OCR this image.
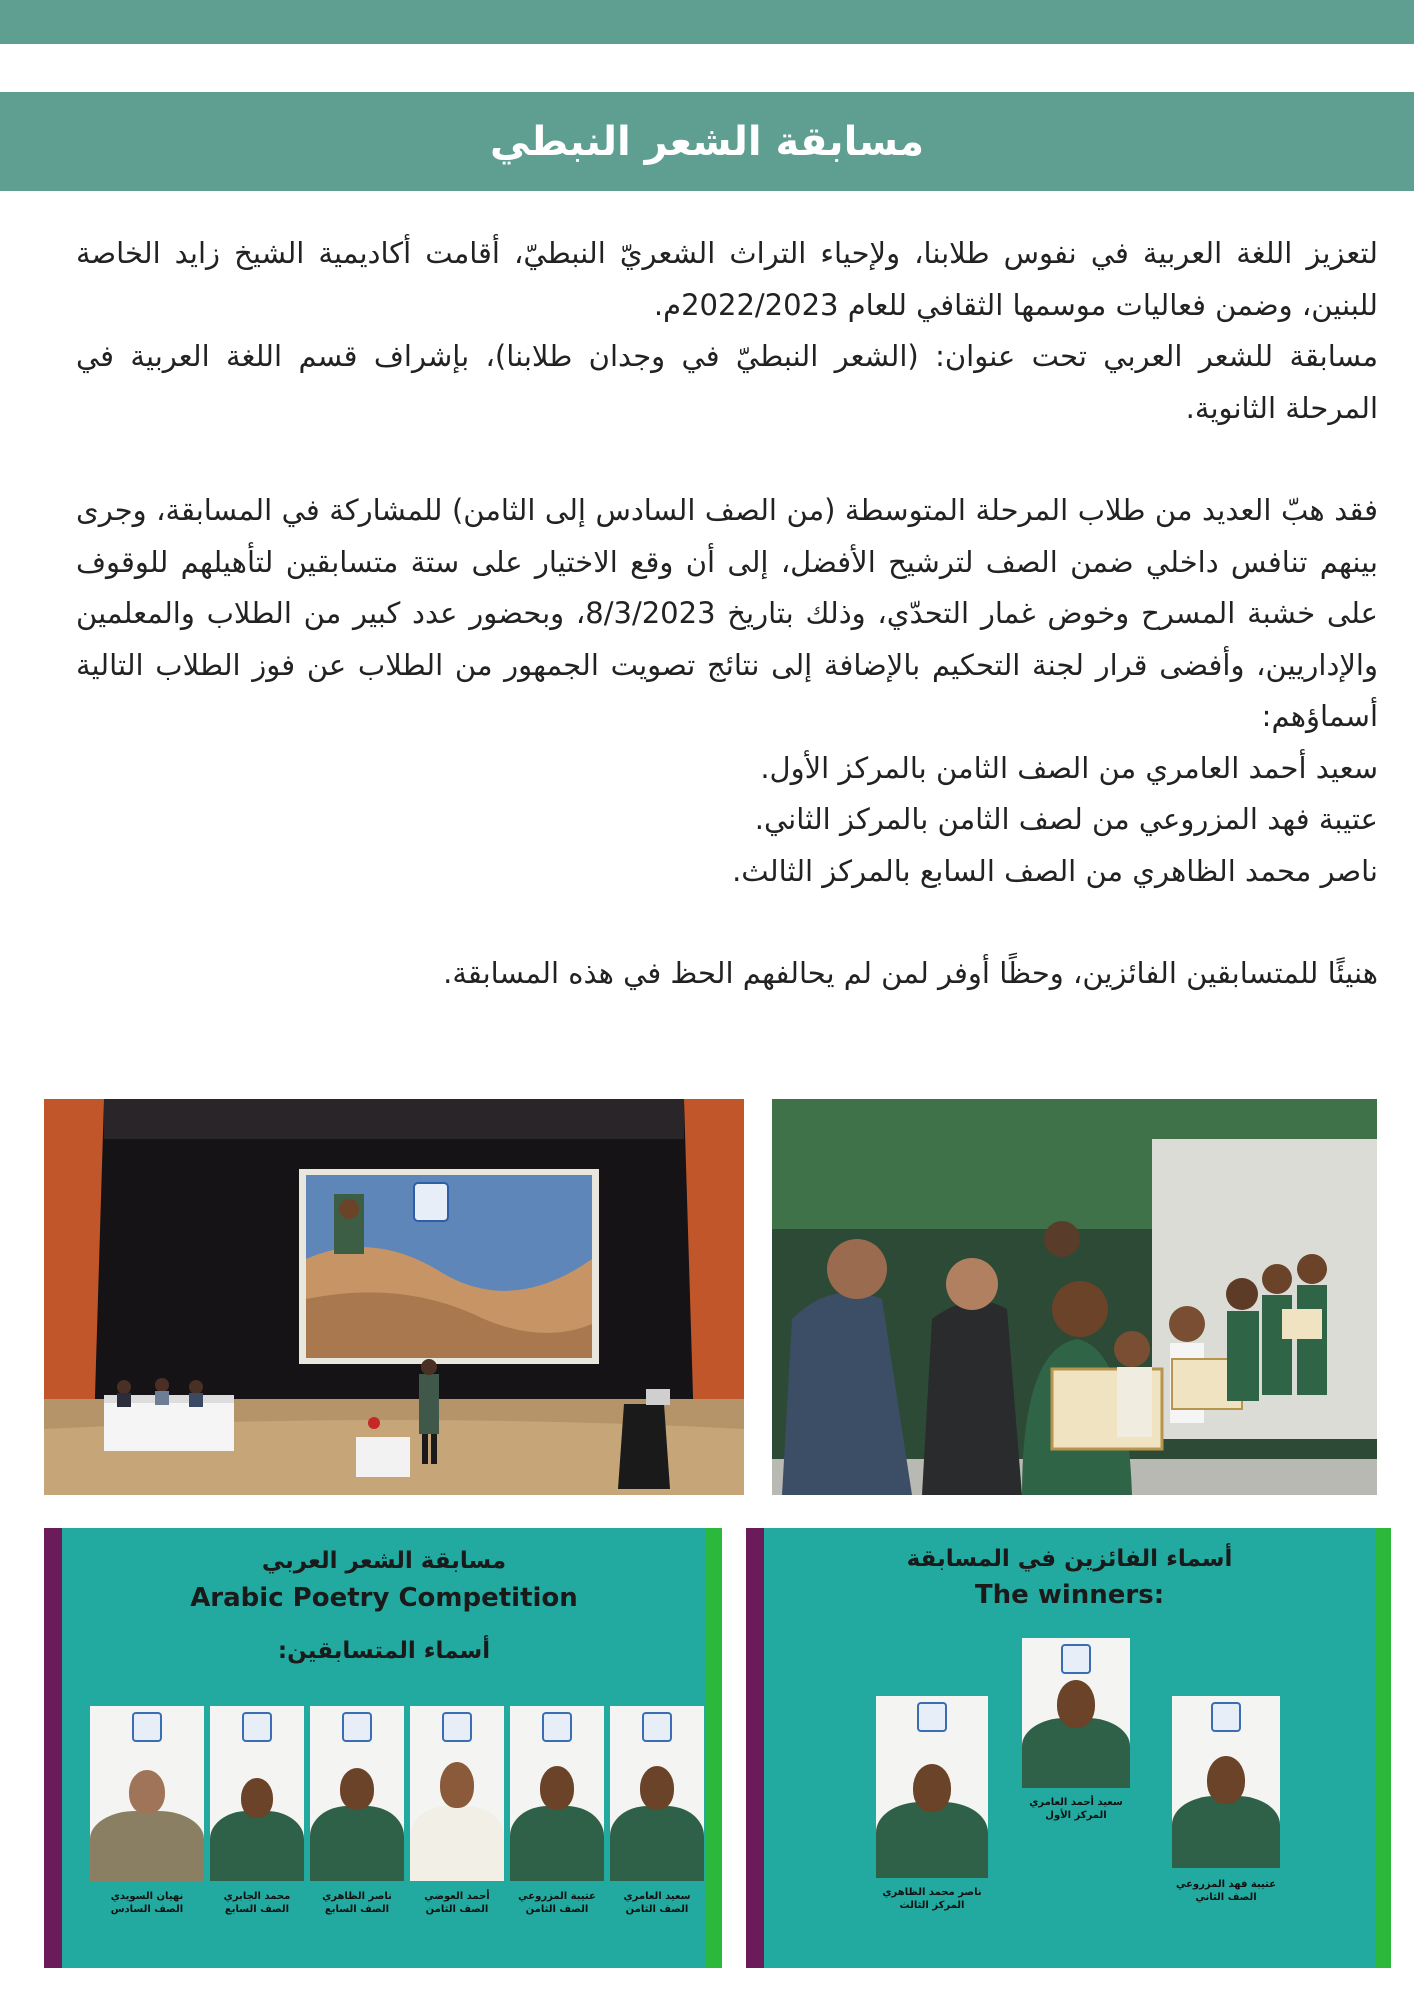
مسابقة الشعر النبطي

لتعزيز اللغة العربية في نفوس طلابنا، ولإحياء التراث الشعريّ النبطيّ، أقامت أكاديمية الشيخ زايد الخاصة للبنين، وضمن فعاليات موسمها الثقافي للعام 2022/2023م.

مسابقة للشعر العربي تحت عنوان: (الشعر النبطيّ في وجدان طلابنا)، بإشراف قسم اللغة العربية في المرحلة الثانوية.

فقد هبّ العديد من طلاب المرحلة المتوسطة (من الصف السادس إلى الثامن) للمشاركة في المسابقة، وجرى بينهم تنافس داخلي ضمن الصف لترشيح الأفضل، إلى أن وقع الاختيار على ستة متسابقين لتأهيلهم للوقوف على خشبة المسرح وخوض غمار التحدّي، وذلك بتاريخ 8/3/2023، وبحضور عدد كبير من الطلاب والمعلمين والإداريين، وأفضى قرار لجنة التحكيم بالإضافة إلى نتائج تصويت الجمهور من الطلاب عن فوز الطلاب التالية أسماؤهم:

سعيد أحمد العامري من الصف الثامن بالمركز الأول.

عتيبة فهد المزروعي من لصف الثامن بالمركز الثاني.

ناصر محمد الظاهري من الصف السابع بالمركز الثالث.

هنيئًا للمتسابقين الفائزين، وحظًا أوفر لمن لم يحالفهم الحظ في هذه المسابقة.

مسابقة الشعر العربي
Arabic Poetry Competition
أسماء المتسابقين:
سعيد العامري
الصف الثامن
عتيبة المزروعي
الصف الثامن
أحمد العوضي
الصف الثامن
ناصر الظاهري
الصف السابع
محمد الجابري
الصف السابع
نهيان السويدي
الصف السادس
أسماء الفائزين في المسابقة
The winners:
سعيد أحمد العامري
المركز الأول
عتيبة فهد المزروعي
الصف الثاني
ناصر محمد الظاهري
المركز الثالث
